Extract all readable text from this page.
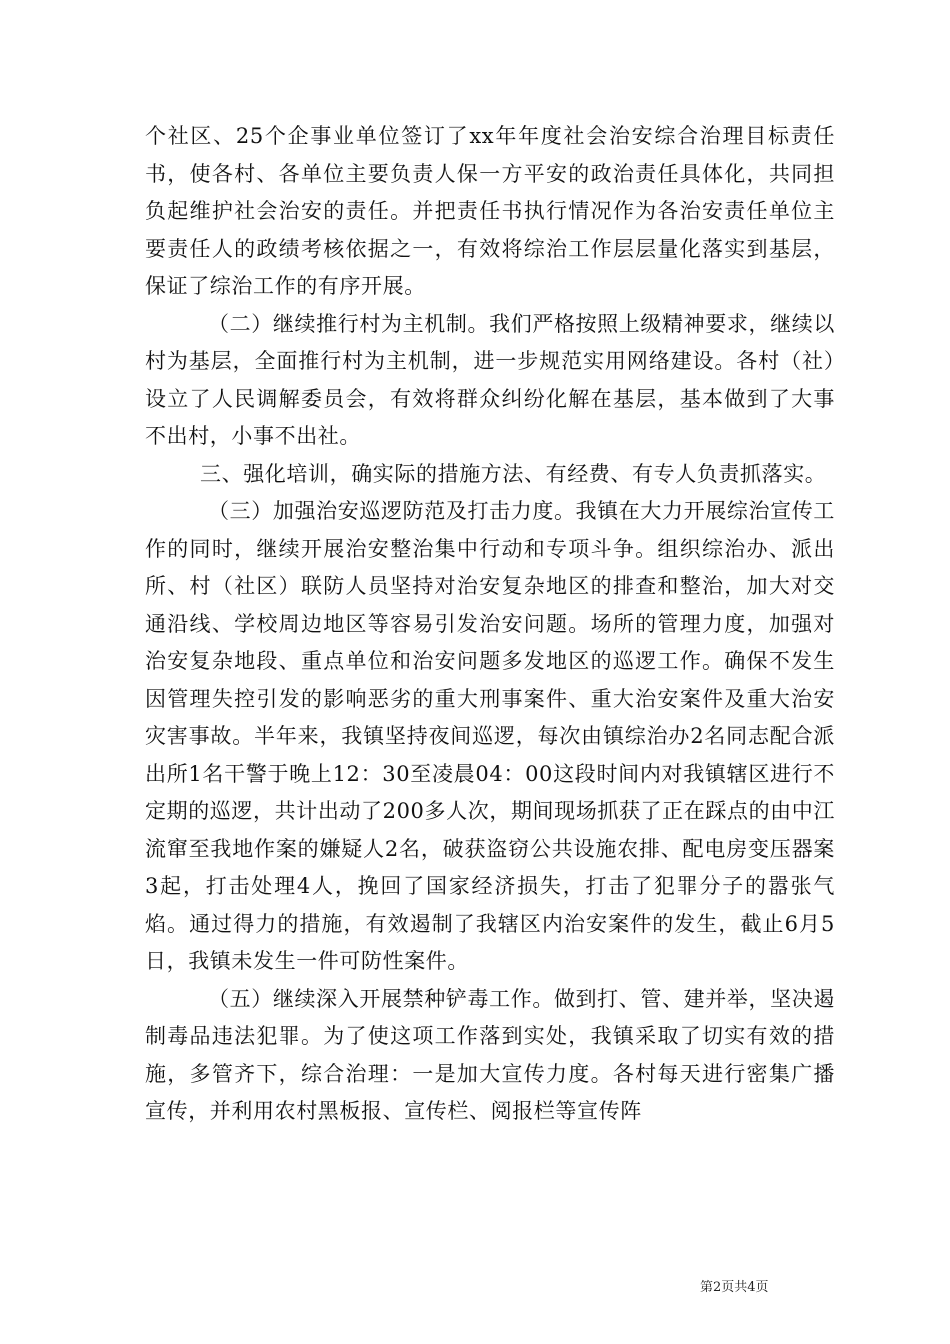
个社区、25个企事业单位签订了xx年年度社会治安综合治理目标责任书，使各村、各单位主要负责人保一方平安的政治责任具体化，共同担负起维护社会治安的责任。并把责任书执行情况作为各治安责任单位主要责任人的政绩考核依据之一，有效将综治工作层层量化落实到基层，保证了综治工作的有序开展。

（二）继续推行村为主机制。我们严格按照上级精神要求，继续以村为基层，全面推行村为主机制，进一步规范实用网络建设。各村（社）设立了人民调解委员会，有效将群众纠纷化解在基层，基本做到了大事不出村，小事不出社。

三、强化培训，确实际的措施方法、有经费、有专人负责抓落实。

（三）加强治安巡逻防范及打击力度。我镇在大力开展综治宣传工作的同时，继续开展治安整治集中行动和专项斗争。组织综治办、派出所、村（社区）联防人员坚持对治安复杂地区的排查和整治，加大对交通沿线、学校周边地区等容易引发治安问题。场所的管理力度，加强对治安复杂地段、重点单位和治安问题多发地区的巡逻工作。确保不发生因管理失控引发的影响恶劣的重大刑事案件、重大治安案件及重大治安灾害事故。半年来，我镇坚持夜间巡逻，每次由镇综治办2名同志配合派出所1名干警于晚上12：30至凌晨04：00这段时间内对我镇辖区进行不定期的巡逻，共计出动了200多人次，期间现场抓获了正在踩点的由中江流窜至我地作案的嫌疑人2名，破获盗窃公共设施农排、配电房变压器案3起，打击处理4人，挽回了国家经济损失，打击了犯罪分子的嚣张气焰。通过得力的措施，有效遏制了我辖区内治安案件的发生，截止6月5日，我镇未发生一件可防性案件。

（五）继续深入开展禁种铲毒工作。做到打、管、建并举，坚决遏制毒品违法犯罪。为了使这项工作落到实处，我镇采取了切实有效的措施，多管齐下，综合治理：一是加大宣传力度。各村每天进行密集广播宣传，并利用农村黑板报、宣传栏、阅报栏等宣传阵

第2页共4页
